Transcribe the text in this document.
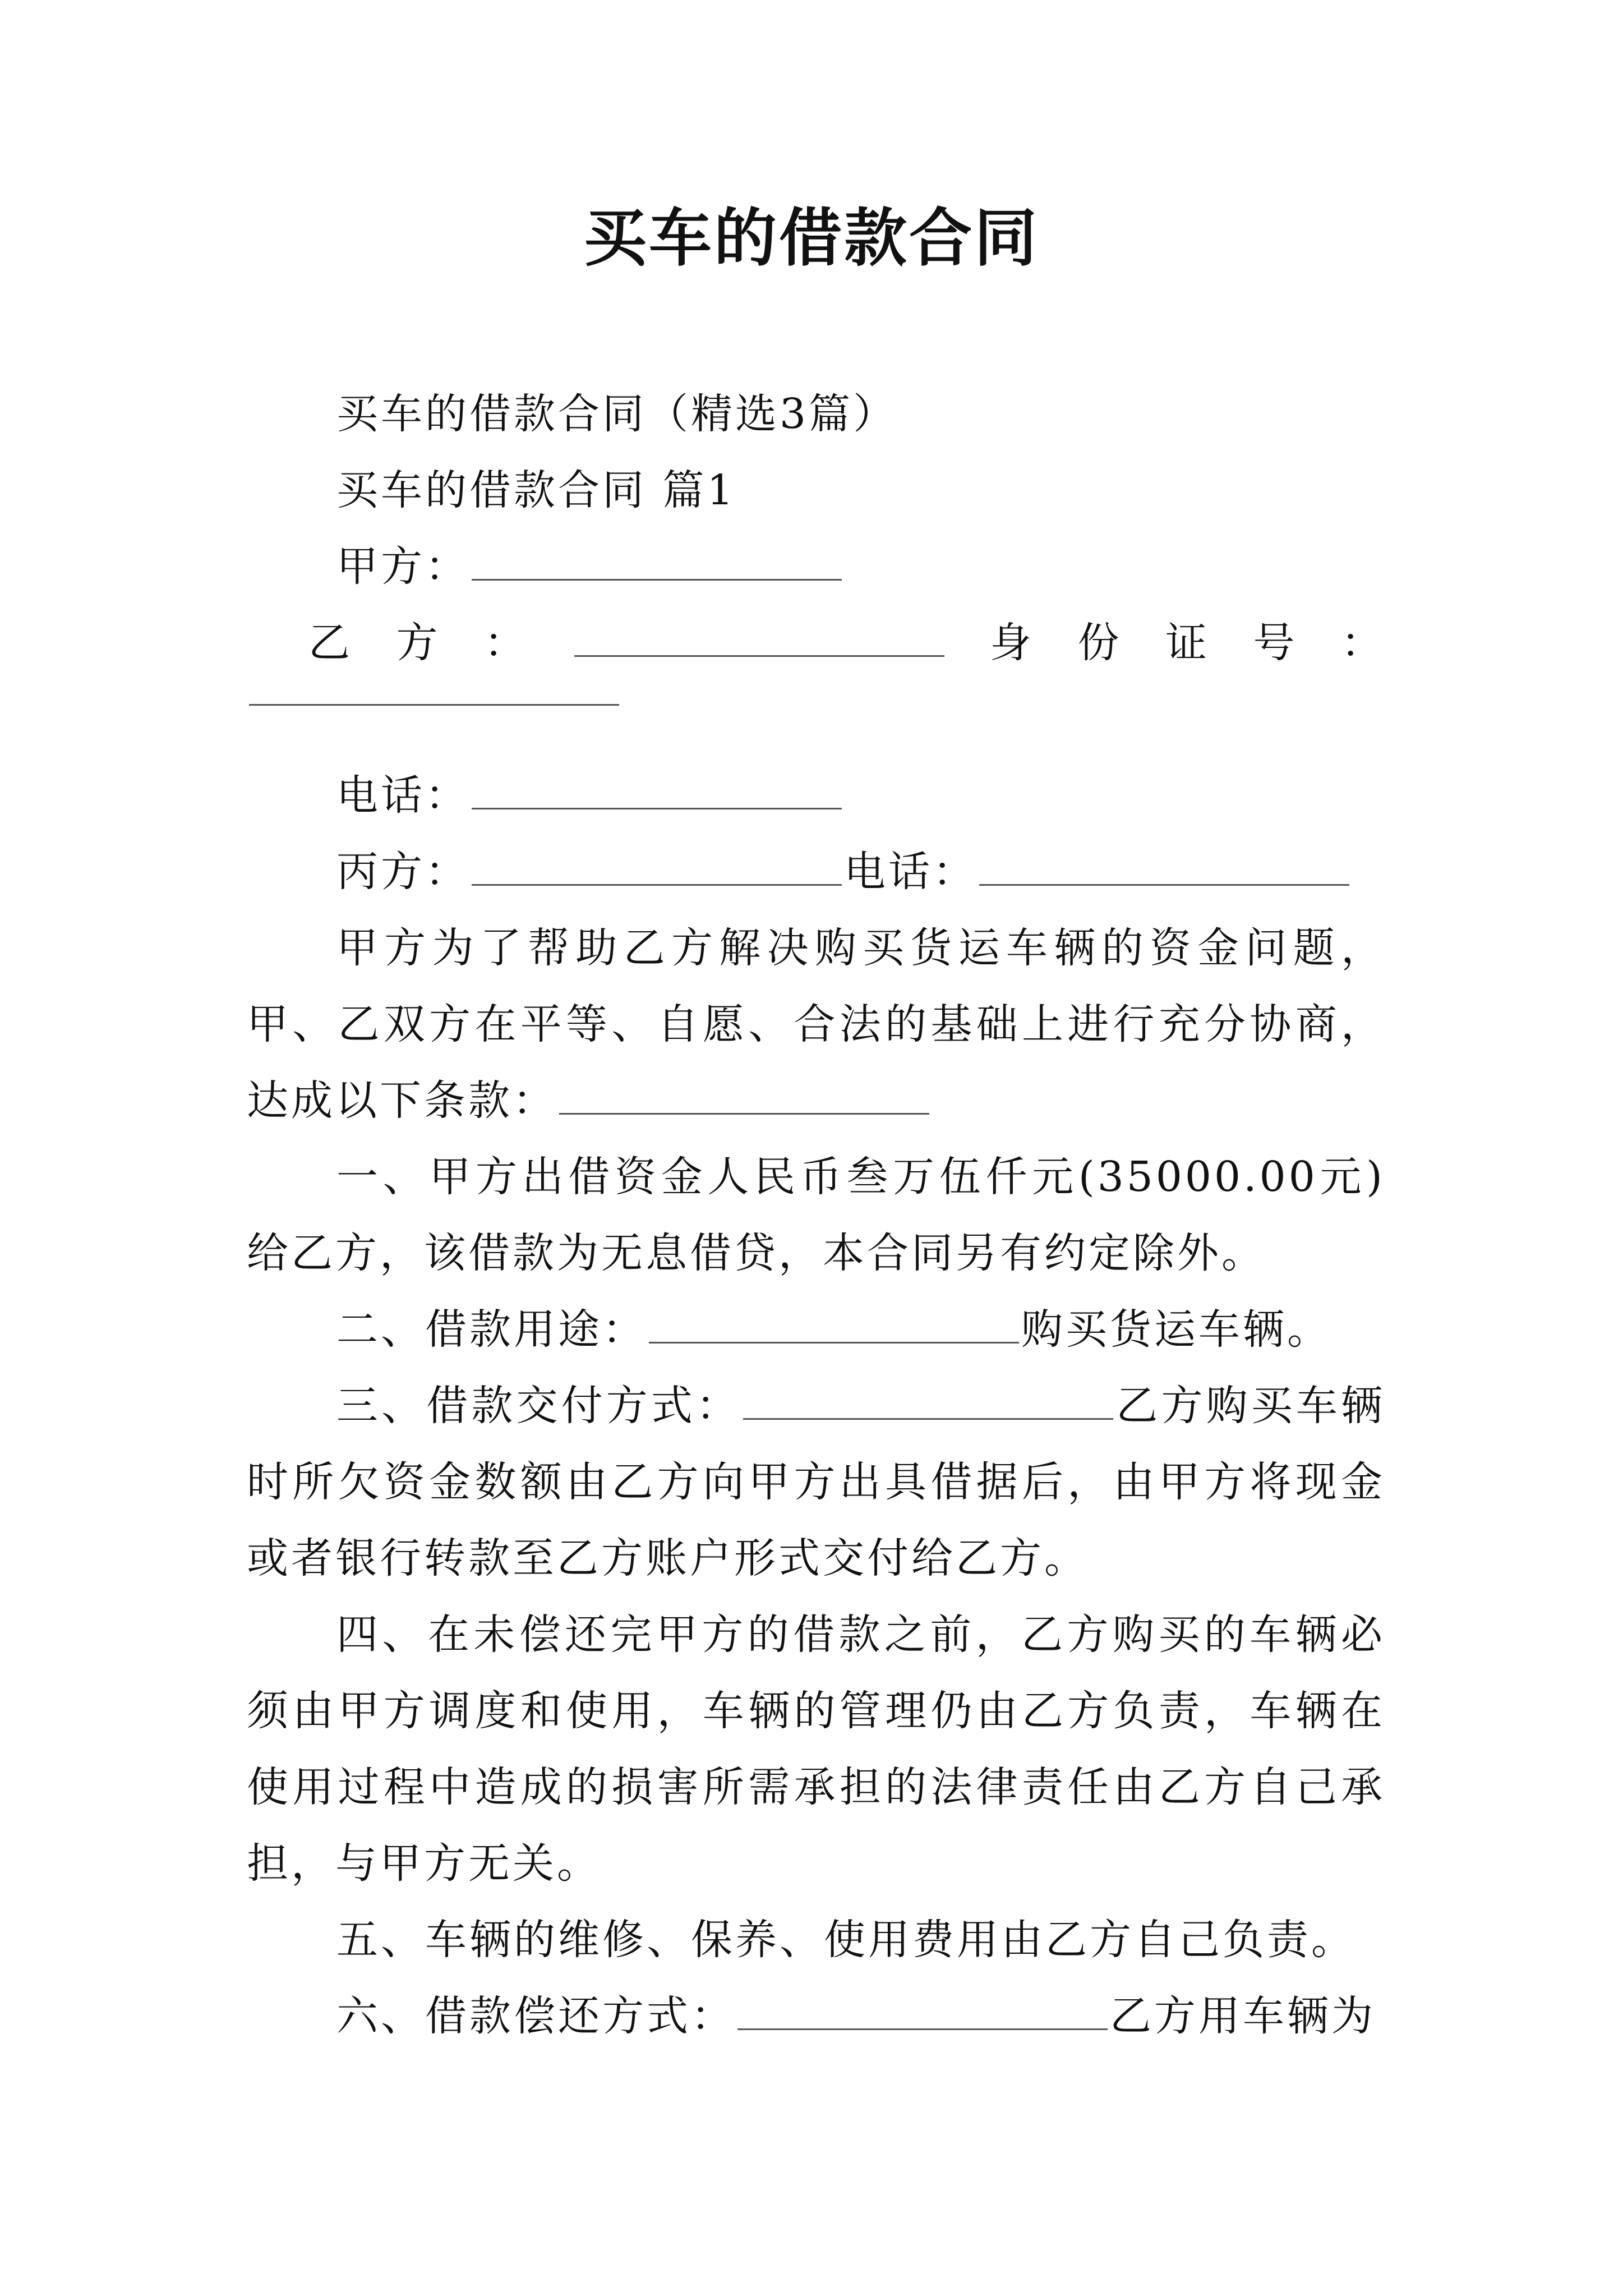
买车的借款合同

买车的借款合同（精选3篇）

买车的借款合同 篇1

甲方：

乙 方 ：	身 份 证 号 ：

电话：

丙方：	电话：

甲方为了帮助乙方解决购买货运车辆的资金问题，甲、乙双方在平等、自愿、合法的基础上进行充分协商，达成以下条款：

一、甲方出借资金人民币叁万伍仟元(35000.00元)给乙方，该借款为无息借贷，本合同另有约定除外。

二、借款用途：	购买货运车辆。

三、借款交付方式：	乙方购买车辆时所欠资金数额由乙方向甲方出具借据后，由甲方将现金或者银行转款至乙方账户形式交付给乙方。

四、在未偿还完甲方的借款之前，乙方购买的车辆必须由甲方调度和使用，车辆的管理仍由乙方负责，车辆在使用过程中造成的损害所需承担的法律责任由乙方自己承担，与甲方无关。

五、车辆的维修、保养、使用费用由乙方自己负责。

六、借款偿还方式：	乙方用车辆为
